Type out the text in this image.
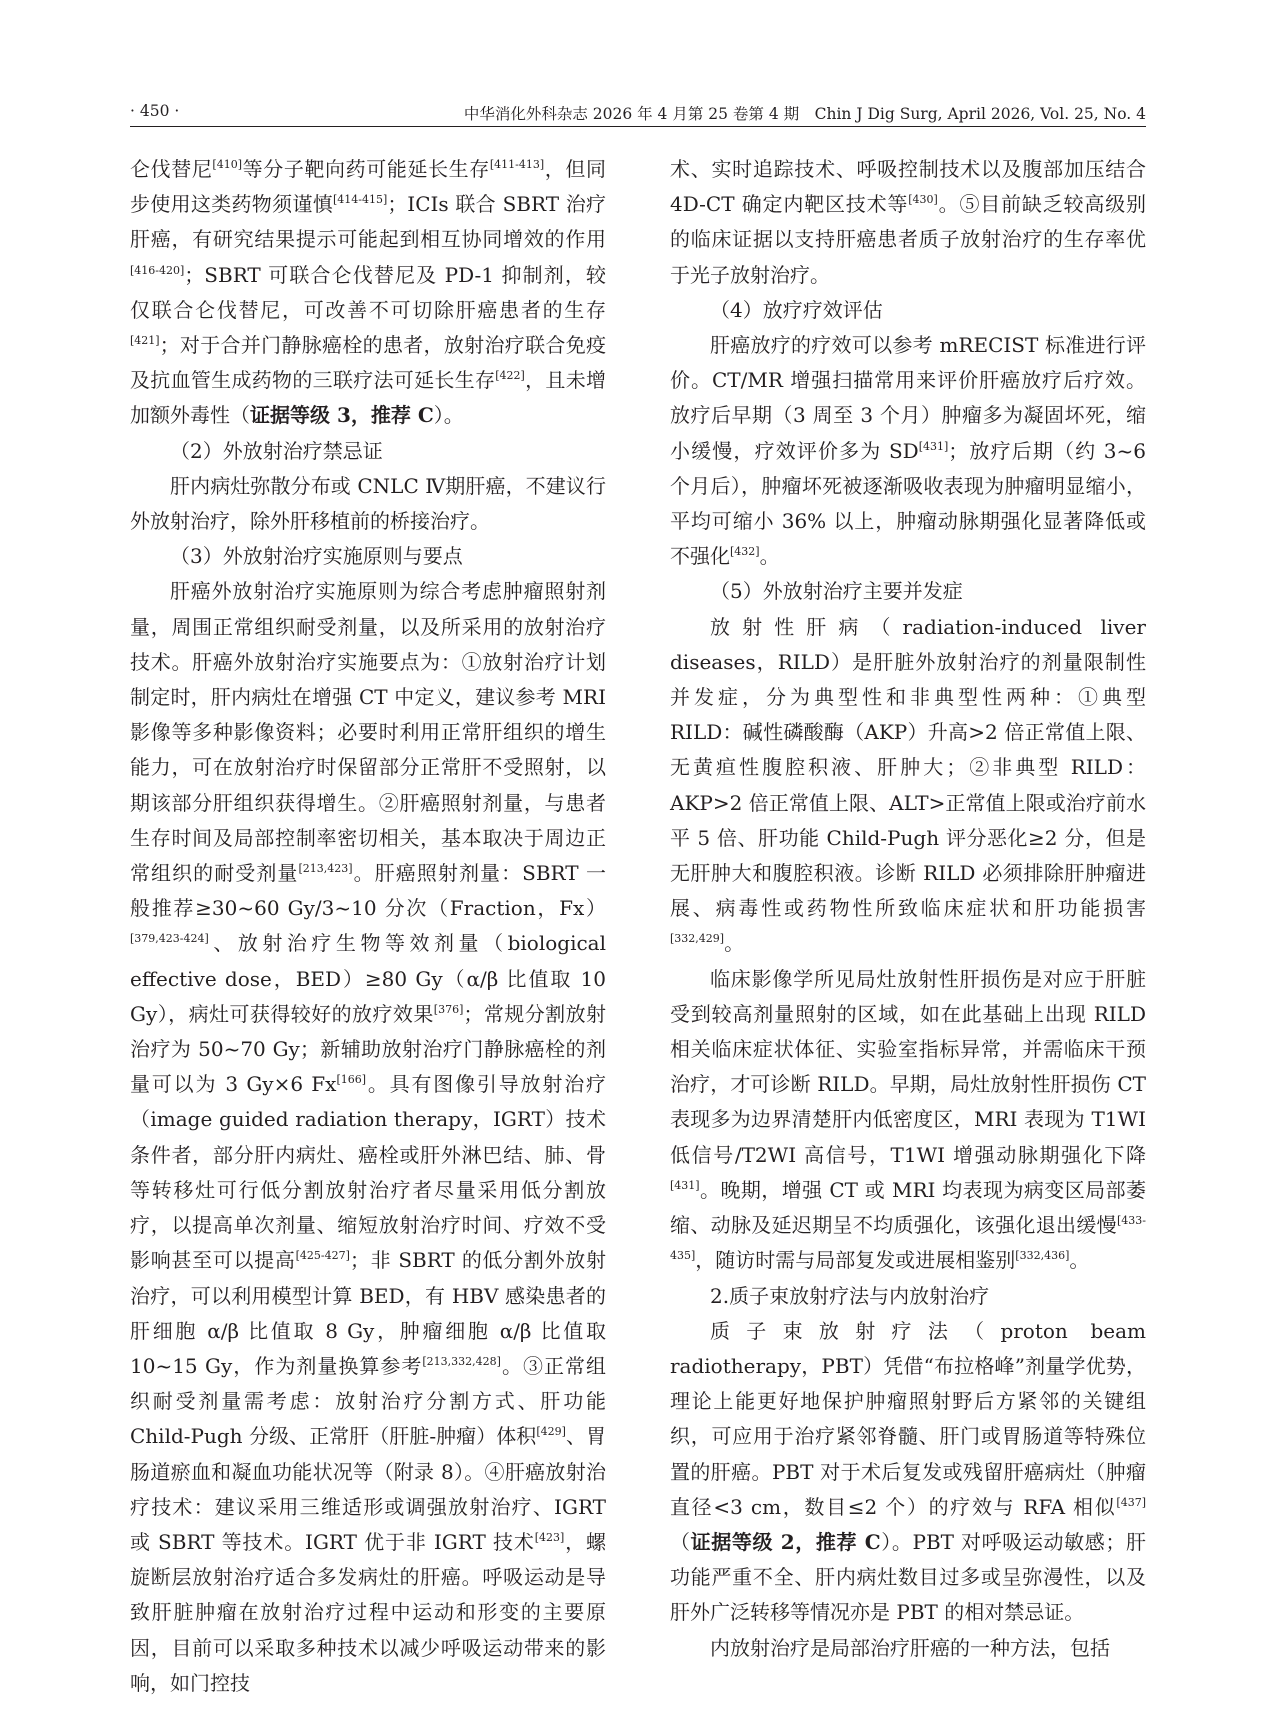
· 450 ·	中华消化外科杂志 2026 年 4 月第 25 卷第 4 期　Chin J Dig Surg, April 2026, Vol. 25, No. 4

仑伐替尼[410]等分子靶向药可能延长生存[411-413]，但同步使用这类药物须谨慎[414-415]；ICIs 联合 SBRT 治疗肝癌，有研究结果提示可能起到相互协同增效的作用[416-420]；SBRT 可联合仑伐替尼及 PD-1 抑制剂，较仅联合仑伐替尼，可改善不可切除肝癌患者的生存[421]；对于合并门静脉癌栓的患者，放射治疗联合免疫及抗血管生成药物的三联疗法可延长生存[422]，且未增加额外毒性（证据等级 3，推荐 C）。

（2）外放射治疗禁忌证

肝内病灶弥散分布或 CNLC Ⅳ期肝癌，不建议行外放射治疗，除外肝移植前的桥接治疗。

（3）外放射治疗实施原则与要点

肝癌外放射治疗实施原则为综合考虑肿瘤照射剂量，周围正常组织耐受剂量，以及所采用的放射治疗技术。肝癌外放射治疗实施要点为：①放射治疗计划制定时，肝内病灶在增强 CT 中定义，建议参考 MRI 影像等多种影像资料；必要时利用正常肝组织的增生能力，可在放射治疗时保留部分正常肝不受照射，以期该部分肝组织获得增生。②肝癌照射剂量，与患者生存时间及局部控制率密切相关，基本取决于周边正常组织的耐受剂量[213,423]。肝癌照射剂量：SBRT 一般推荐≥30~60 Gy/3~10 分次（Fraction，Fx）[379,423-424]、放射治疗生物等效剂量（biological effective dose，BED）≥80 Gy（α/β 比值取 10 Gy），病灶可获得较好的放疗效果[376]；常规分割放射治疗为 50~70 Gy；新辅助放射治疗门静脉癌栓的剂量可以为 3 Gy×6 Fx[166]。具有图像引导放射治疗（image guided radiation therapy，IGRT）技术条件者，部分肝内病灶、癌栓或肝外淋巴结、肺、骨等转移灶可行低分割放射治疗者尽量采用低分割放疗，以提高单次剂量、缩短放射治疗时间、疗效不受影响甚至可以提高[425-427]；非 SBRT 的低分割外放射治疗，可以利用模型计算 BED，有 HBV 感染患者的肝细胞 α/β 比值取 8 Gy，肿瘤细胞 α/β 比值取 10~15 Gy，作为剂量换算参考[213,332,428]。③正常组织耐受剂量需考虑：放射治疗分割方式、肝功能 Child-Pugh 分级、正常肝（肝脏-肿瘤）体积[429]、胃肠道瘀血和凝血功能状况等（附录 8）。④肝癌放射治疗技术：建议采用三维适形或调强放射治疗、IGRT 或 SBRT 等技术。IGRT 优于非 IGRT 技术[423]，螺旋断层放射治疗适合多发病灶的肝癌。呼吸运动是导致肝脏肿瘤在放射治疗过程中运动和形变的主要原因，目前可以采取多种技术以减少呼吸运动带来的影响，如门控技

术、实时追踪技术、呼吸控制技术以及腹部加压结合 4D-CT 确定内靶区技术等[430]。⑤目前缺乏较高级别的临床证据以支持肝癌患者质子放射治疗的生存率优于光子放射治疗。

（4）放疗疗效评估

肝癌放疗的疗效可以参考 mRECIST 标准进行评价。CT/MR 增强扫描常用来评价肝癌放疗后疗效。放疗后早期（3 周至 3 个月）肿瘤多为凝固坏死，缩小缓慢，疗效评价多为 SD[431]；放疗后期（约 3~6 个月后），肿瘤坏死被逐渐吸收表现为肿瘤明显缩小，平均可缩小 36% 以上，肿瘤动脉期强化显著降低或不强化[432]。

（5）外放射治疗主要并发症

放射性肝病（radiation-induced liver diseases，RILD）是肝脏外放射治疗的剂量限制性并发症，分为典型性和非典型性两种：①典型 RILD：碱性磷酸酶（AKP）升高>2 倍正常值上限、无黄疸性腹腔积液、肝肿大；②非典型 RILD：AKP>2 倍正常值上限、ALT>正常值上限或治疗前水平 5 倍、肝功能 Child-Pugh 评分恶化≥2 分，但是无肝肿大和腹腔积液。诊断 RILD 必须排除肝肿瘤进展、病毒性或药物性所致临床症状和肝功能损害[332,429]。

临床影像学所见局灶放射性肝损伤是对应于肝脏受到较高剂量照射的区域，如在此基础上出现 RILD 相关临床症状体征、实验室指标异常，并需临床干预治疗，才可诊断 RILD。早期，局灶放射性肝损伤 CT 表现多为边界清楚肝内低密度区，MRI 表现为 T1WI 低信号/T2WI 高信号，T1WI 增强动脉期强化下降[431]。晚期，增强 CT 或 MRI 均表现为病变区局部萎缩、动脉及延迟期呈不均质强化，该强化退出缓慢[433-435]，随访时需与局部复发或进展相鉴别[332,436]。

2.质子束放射疗法与内放射治疗

质子束放射疗法（proton beam radiotherapy，PBT）凭借“布拉格峰”剂量学优势，理论上能更好地保护肿瘤照射野后方紧邻的关键组织，可应用于治疗紧邻脊髓、肝门或胃肠道等特殊位置的肝癌。PBT 对于术后复发或残留肝癌病灶（肿瘤直径<3 cm，数目≤2 个）的疗效与 RFA 相似[437]（证据等级 2，推荐 C）。PBT 对呼吸运动敏感；肝功能严重不全、肝内病灶数目过多或呈弥漫性，以及肝外广泛转移等情况亦是 PBT 的相对禁忌证。

内放射治疗是局部治疗肝癌的一种方法，包括
